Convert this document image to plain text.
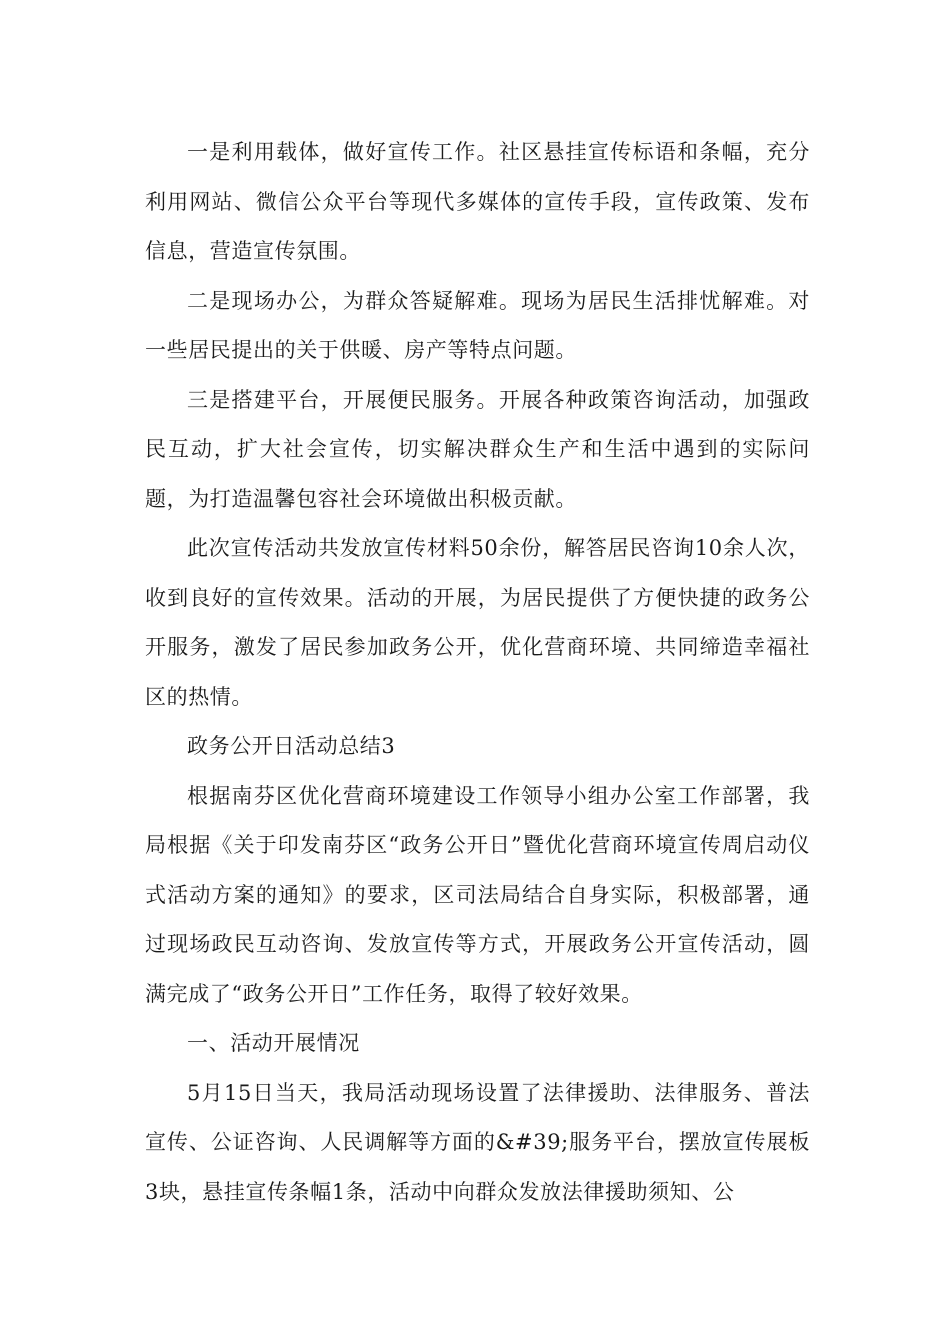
一是利用载体，做好宣传工作。社区悬挂宣传标语和条幅，充分利用网站、微信公众平台等现代多媒体的宣传手段，宣传政策、发布信息，营造宣传氛围。

二是现场办公，为群众答疑解难。现场为居民生活排忧解难。对一些居民提出的关于供暖、房产等特点问题。

三是搭建平台，开展便民服务。开展各种政策咨询活动，加强政民互动，扩大社会宣传，切实解决群众生产和生活中遇到的实际问题，为打造温馨包容社会环境做出积极贡献。

此次宣传活动共发放宣传材料50余份，解答居民咨询10余人次，收到良好的宣传效果。活动的开展，为居民提供了方便快捷的政务公开服务，激发了居民参加政务公开，优化营商环境、共同缔造幸福社区的热情。

政务公开日活动总结3

根据南芬区优化营商环境建设工作领导小组办公室工作部署，我局根据《关于印发南芬区“政务公开日”暨优化营商环境宣传周启动仪式活动方案的通知》的要求，区司法局结合自身实际，积极部署，通过现场政民互动咨询、发放宣传等方式，开展政务公开宣传活动，圆满完成了“政务公开日”工作任务，取得了较好效果。

一、活动开展情况

5月15日当天，我局活动现场设置了法律援助、法律服务、普法宣传、公证咨询、人民调解等方面的&#39;服务平台，摆放宣传展板3块，悬挂宣传条幅1条，活动中向群众发放法律援助须知、公
